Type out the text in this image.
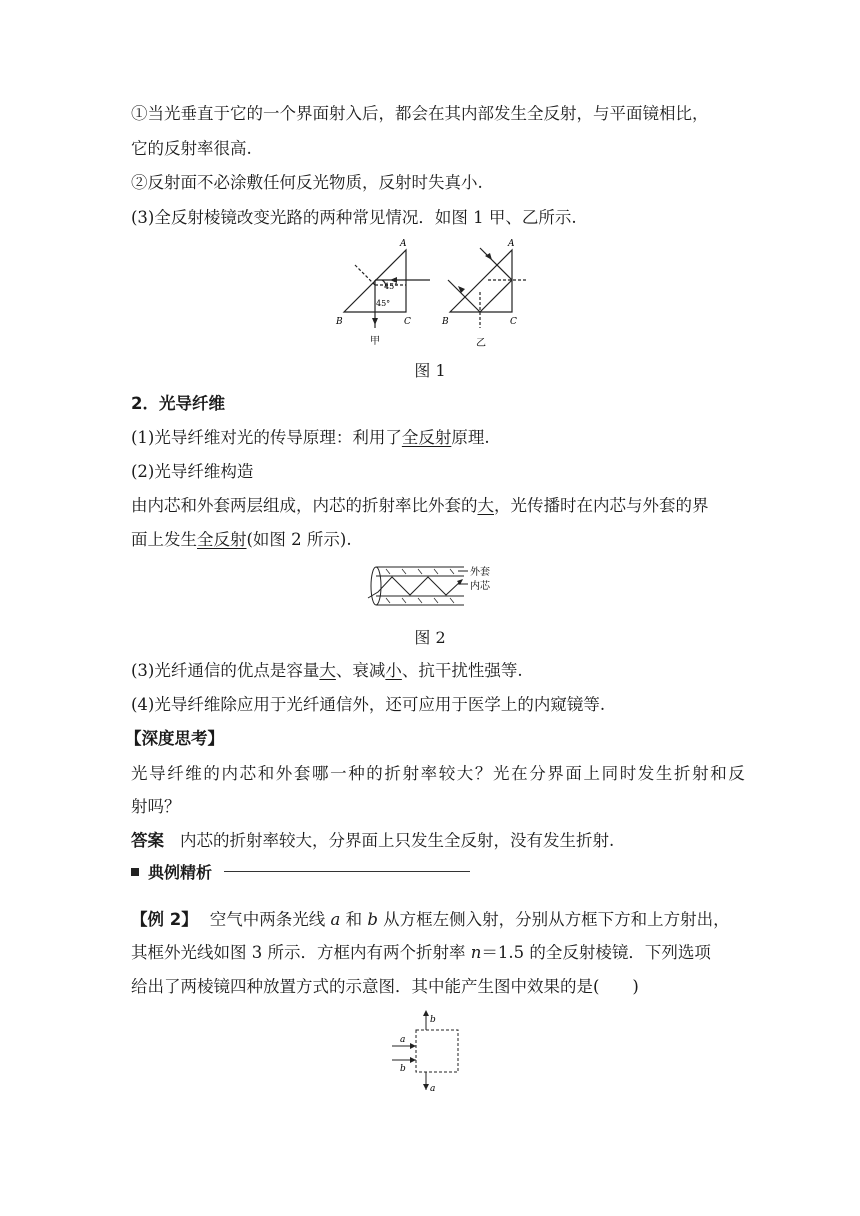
①当光垂直于它的一个界面射入后，都会在其内部发生全反射，与平面镜相比，
它的反射率很高.
②反射面不必涂敷任何反光物质，反射时失真小.
(3)全反射棱镜改变光路的两种常见情况．如图 1 甲、乙所示.
A
B	C
45°
45°
甲
A
B	C
乙
图 1
2．光导纤维
(1)光导纤维对光的传导原理：利用了全反射原理.
(2)光导纤维构造
由内芯和外套两层组成，内芯的折射率比外套的大，光传播时在内芯与外套的界
面上发生全反射(如图 2 所示).
外套
内芯
图 2
(3)光纤通信的优点是容量大、衰减小、抗干扰性强等.
(4)光导纤维除应用于光纤通信外，还可应用于医学上的内窥镜等.
【深度思考】
光导纤维的内芯和外套哪一种的折射率较大？光在分界面上同时发生折射和反
射吗？
答案 内芯的折射率较大，分界面上只发生全反射，没有发生折射.
典例精析
【例 2】 空气中两条光线 a 和 b 从方框左侧入射，分别从方框下方和上方射出，
其框外光线如图 3 所示．方框内有两个折射率 n＝1.5 的全反射棱镜．下列选项
给出了两棱镜四种放置方式的示意图．其中能产生图中效果的是(　　)
b
a
b
a
